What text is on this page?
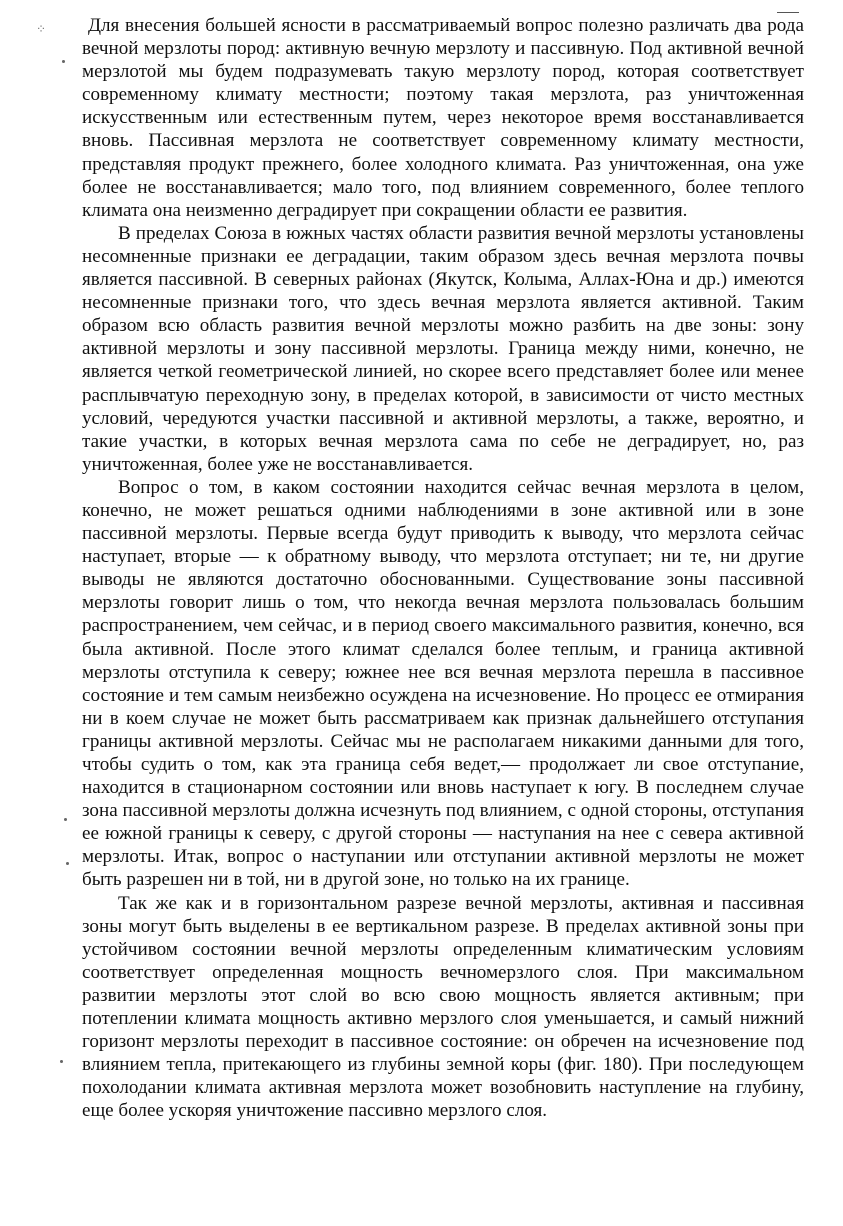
⁘	Для внесения большей ясности в рассматриваемый вопрос полезно различать два рода вечной мерзлоты пород: активную вечную мерзлоту и пассивную. Под активной вечной мерзлотой мы будем подразумевать такую мерзлоту пород, которая соответствует современному климату местности; поэтому такая мерзлота, раз уничтоженная искусственным или естественным путем, через некоторое время восстанавливается вновь. Пассивная мерзлота не соответствует современному климату местности, представляя продукт прежнего, более холодного климата. Раз уничтоженная, она уже более не восстанавливается; мало того, под влиянием современного, более теплого климата она неизменно деградирует при сокращении области ее развития.

В пределах Союза в южных частях области развития вечной мерзлоты установлены несомненные признаки ее деградации, таким образом здесь вечная мерзлота почвы является пассивной. В северных районах (Якутск, Колыма, Аллах-Юна и др.) имеются несомненные признаки того, что здесь вечная мерзлота является активной. Таким образом всю область развития вечной мерзлоты можно разбить на две зоны: зону активной мерзлоты и зону пассивной мерзлоты. Граница между ними, конечно, не является четкой геометрической линией, но скорее всего представляет более или менее расплывчатую переходную зону, в пределах которой, в зависимости от чисто местных условий, чередуются участки пассивной и активной мерзлоты, а также, вероятно, и такие участки, в которых вечная мерзлота сама по себе не деградирует, но, раз уничтоженная, более уже не восстанавливается.

Вопрос о том, в каком состоянии находится сейчас вечная мерзлота в целом, конечно, не может решаться одними наблюдениями в зоне активной или в зоне пассивной мерзлоты. Первые всегда будут приводить к выводу, что мерзлота сейчас наступает, вторые — к обратному выводу, что мерзлота отступает; ни те, ни другие выводы не являются достаточно обоснованными. Существование зоны пассивной мерзлоты говорит лишь о том, что некогда вечная мерзлота пользовалась большим распространением, чем сейчас, и в период своего максимального развития, конечно, вся была активной. После этого климат сделался более теплым, и граница активной мерзлоты отступила к северу; южнее нее вся вечная мерзлота перешла в пассивное состояние и тем самым неизбежно осуждена на исчезновение. Но процесс ее отмирания ни в коем случае не может быть рассматриваем как признак дальнейшего отступания границы активной мерзлоты. Сейчас мы не располагаем никакими данными для того, чтобы судить о том, как эта граница себя ведет,— продолжает ли свое отступание, находится в стационарном состоянии или вновь наступает к югу. В последнем случае зона пассивной мерзлоты должна исчезнуть под влиянием, с одной стороны, отступания ее южной границы к северу, с другой стороны — наступания на нее с севера активной мерзлоты. Итак, вопрос о наступании или отступании активной мерзлоты не может быть разрешен ни в той, ни в другой зоне, но только на их границе.

Так же как и в горизонтальном разрезе вечной мерзлоты, активная и пассивная зоны могут быть выделены в ее вертикальном разрезе. В пределах активной зоны при устойчивом состоянии вечной мерзлоты определенным климатическим условиям соответствует определенная мощность вечномерзлого слоя. При максимальном развитии мерзлоты этот слой во всю свою мощность является активным; при потеплении климата мощность активно мерзлого слоя уменьшается, и самый нижний горизонт мерзлоты переходит в пассивное состояние: он обречен на исчезновение под влиянием тепла, притекающего из глубины земной коры (фиг. 180). При последующем похолодании климата активная мерзлота может возобновить наступление на глубину, еще более ускоряя уничтожение пассивно мерзлого слоя.
